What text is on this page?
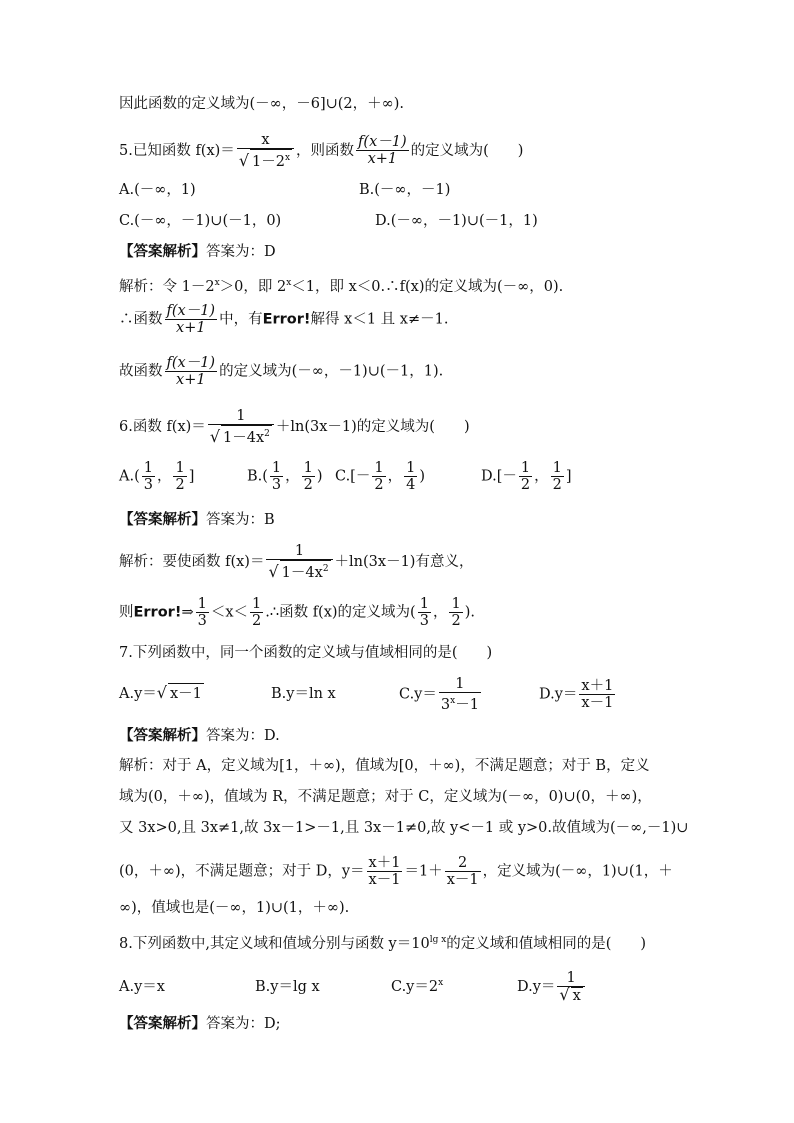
因此函数的定义域为(－∞，－6]∪(2，＋∞).
5.已知函数 $f(x)= \frac{x}{√ 1-2^x}$ ，则函数 $\frac{f(x-1)}{x+1}$ 的定义域为(　　)
A.(－∞，1)	B.(－∞，－1)
C.(－∞，－1)∪(－1，0)	D.(－∞，－1)∪(－1，1)
【答案解析】答案为：D
解析：令 $1-2^x>0$，即 $2^x<1$，即 x＜0.∴f(x)的定义域为(－∞，0).
∴函数 $\frac{f(x-1)}{x+1}$ 中，有Error!解得 x＜1 且 x≠－1.
故函数 $\frac{f(x-1)}{x+1}$ 的定义域为(－∞，－1)∪(－1，1).
6.函数 $f(x)= \frac{1}{√ 1-4x^2} +\ln(3x-1)$的定义域为(　　)
$A.( \frac{1}{3}$ ， $\frac{1}{2}$ ]	$B.( \frac{1}{3}$ ， $\frac{1}{2}$ ) $C.[- \frac{1}{2}$ ， $\frac{1}{4}$ )	$D.[- \frac{1}{2}$ ， $\frac{1}{2}$ ]
【答案解析】答案为：B
解析：要使函数 $f(x)= \frac{1}{√ 1-4x^2} +\ln(3x-1)$有意义，
则Error!⇒ $\frac{1}{3} <x< \frac{1}{2}$ .∴函数 f(x)的定义域为( $\frac{1}{3}$ ， $\frac{1}{2}$ ).
7.下列函数中，同一个函数的定义域与值域相同的是(　　)
A.y＝√ x－1	B.y＝ln x	$C.y= \frac{1}{3^x-1}$	$D.y= \frac{x+1}{x-1}$
【答案解析】答案为：D.
解析：对于 A，定义域为[1，＋∞)，值域为[0，＋∞)，不满足题意；对于 B，定义
域为(0，＋∞)，值域为 R，不满足题意；对于 C，定义域为(－∞，0)∪(0，＋∞)，
又 3x>0,且 3x≠1,故 3x－1>－1,且 3x－1≠0,故 y<－1 或 y>0.故值域为(－∞,－1)∪
(0，＋∞)，不满足题意；对于 D，$y= \frac{x+1}{x-1} =1+ \frac{2}{x-1}$ ，定义域为(－∞，1)∪(1，＋
∞)，值域也是(－∞，1)∪(1，＋∞).
8.下列函数中,其定义域和值域分别与函数 $y=10^{lg x}$的定义域和值域相同的是(　　)
A.y＝x	B.y＝lg x	$C.y=2^x$	$D.y= \frac{1}{√ x}$
【答案解析】答案为：D;
